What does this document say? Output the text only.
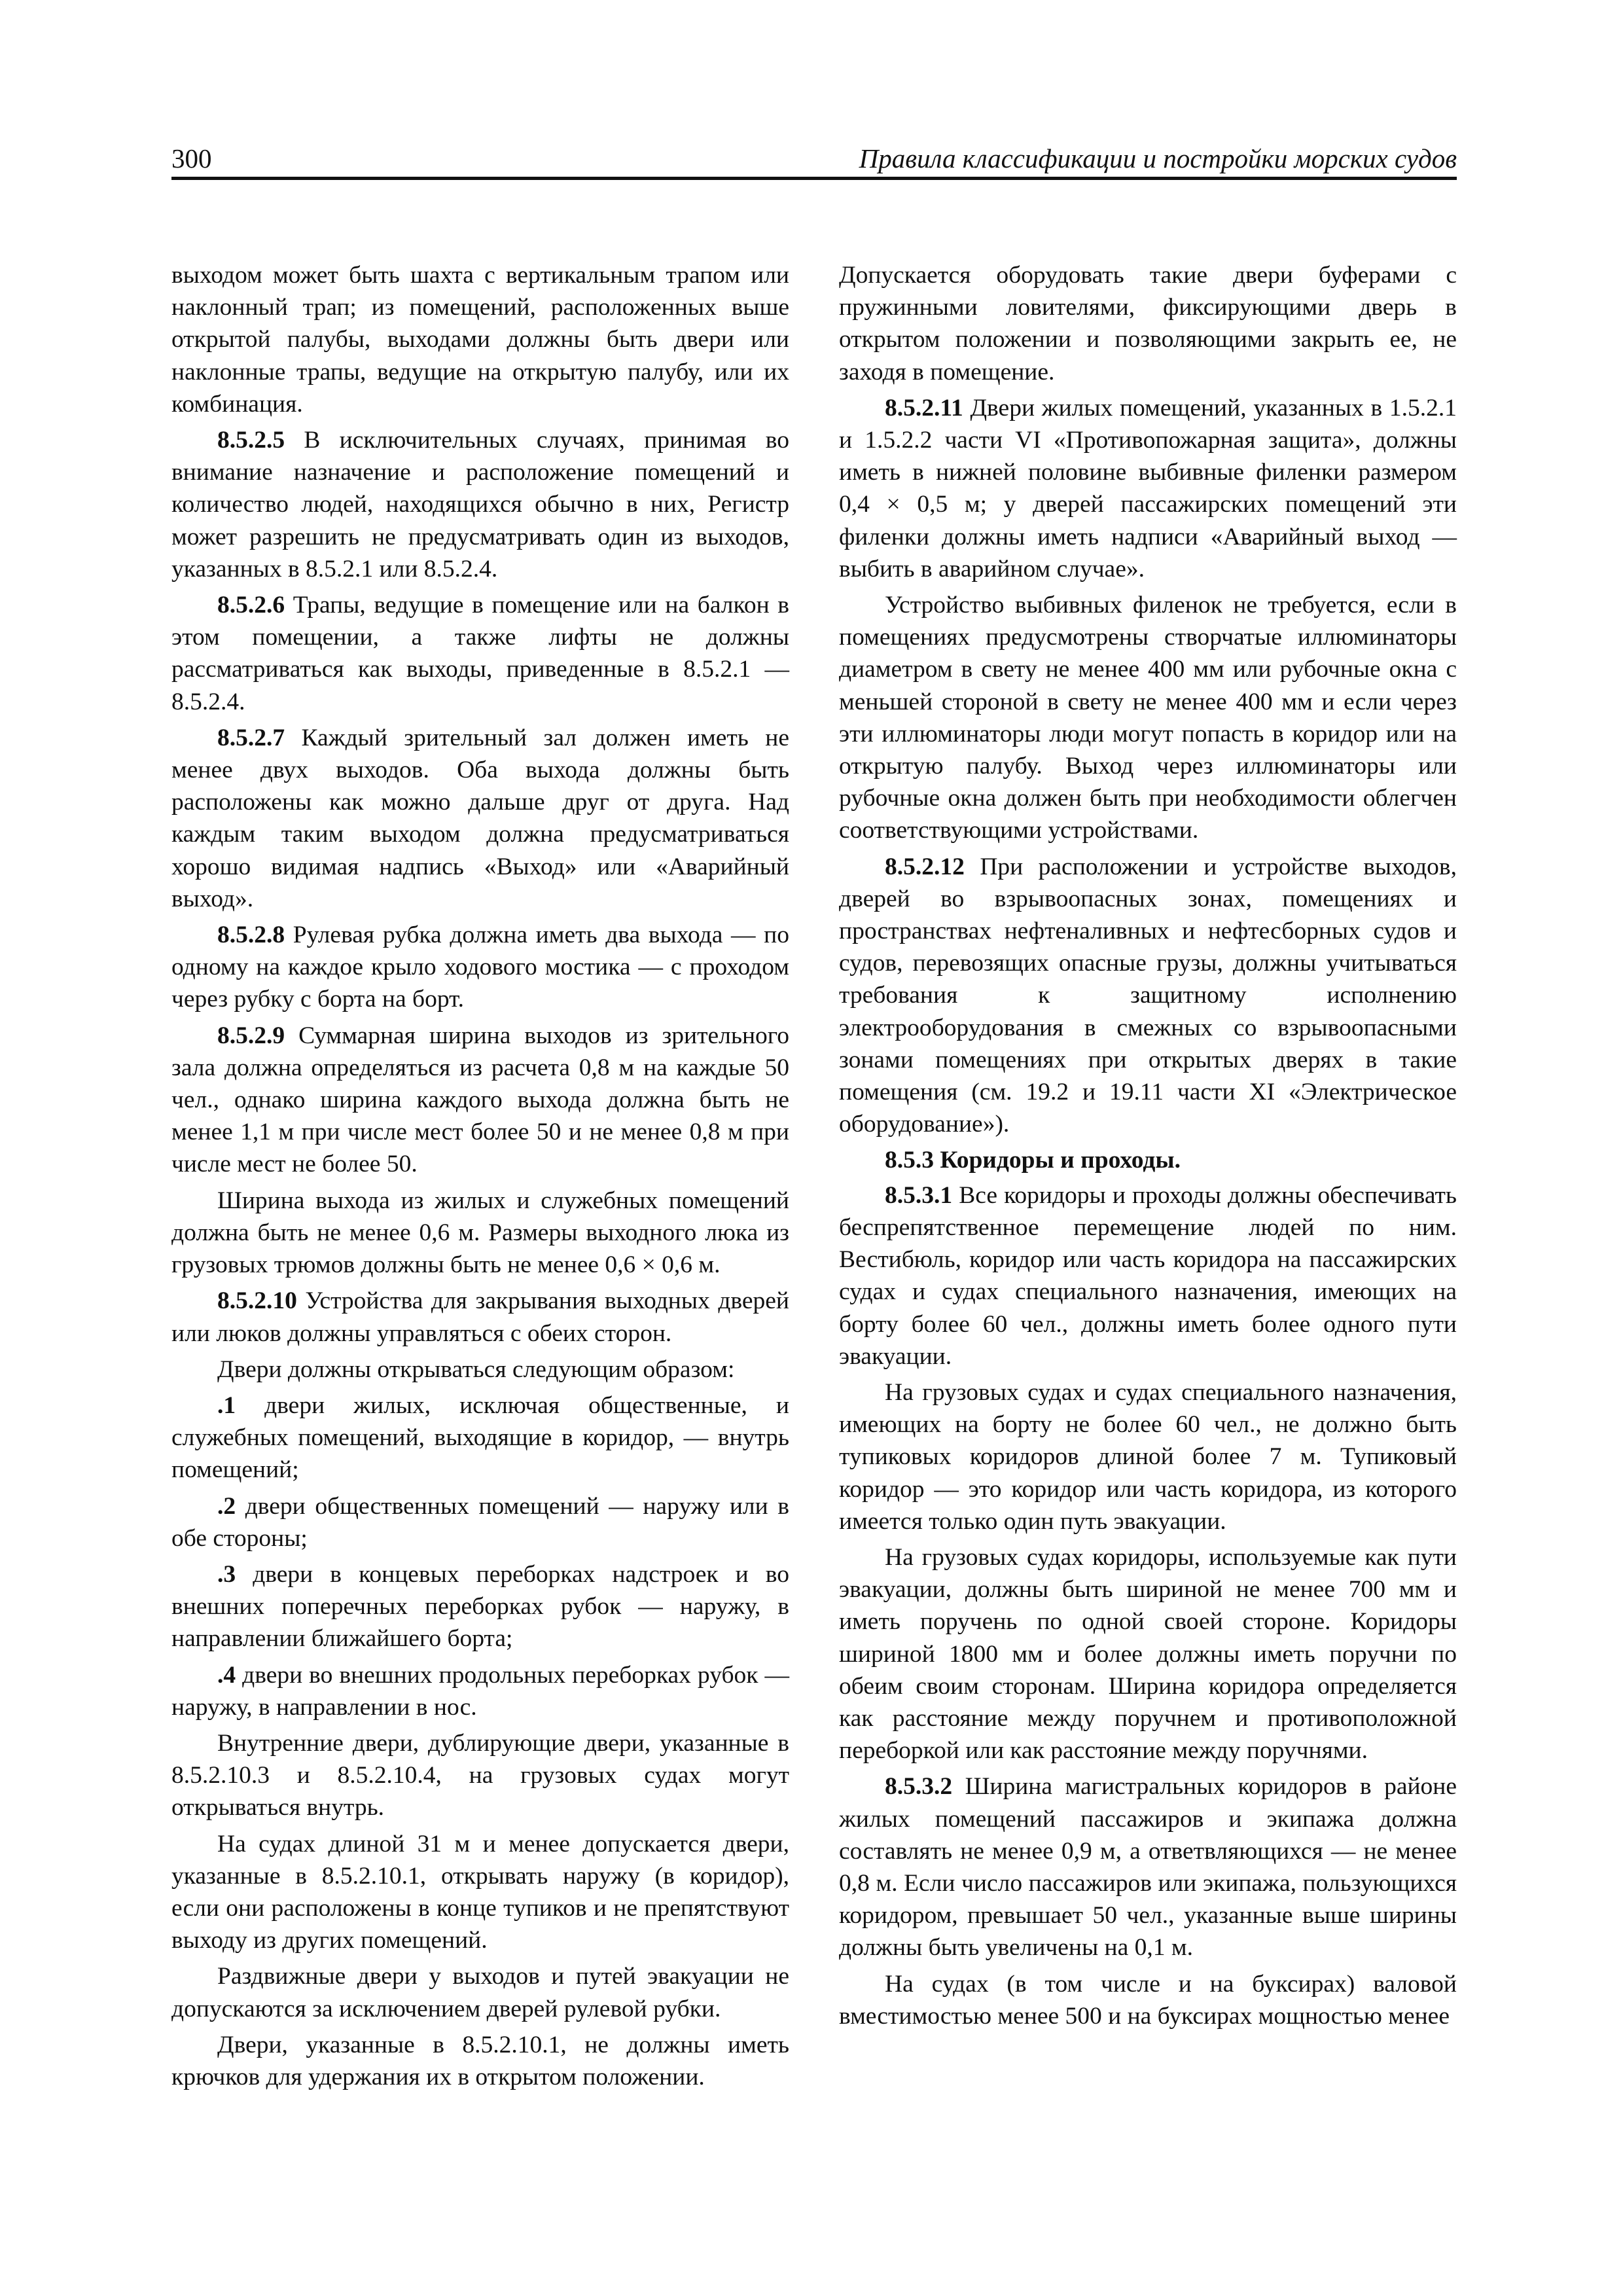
300	Правила классификации и постройки морских судов

выходом может быть шахта с вертикальным трапом или наклонный трап; из помещений, расположенных выше открытой палубы, выходами должны быть двери или наклонные трапы, ведущие на открытую палубу, или их комбинация.

8.5.2.5 В исключительных случаях, принимая во внимание назначение и расположение помещений и количество людей, находящихся обычно в них, Регистр может разрешить не предусматривать один из выходов, указанных в 8.5.2.1 или 8.5.2.4.

8.5.2.6 Трапы, ведущие в помещение или на балкон в этом помещении, а также лифты не должны рассматриваться как выходы, приведенные в 8.5.2.1 — 8.5.2.4.

8.5.2.7 Каждый зрительный зал должен иметь не менее двух выходов. Оба выхода должны быть расположены как можно дальше друг от друга. Над каждым таким выходом должна предусматриваться хорошо видимая надпись «Выход» или «Аварийный выход».

8.5.2.8 Рулевая рубка должна иметь два выхода — по одному на каждое крыло ходового мостика — с проходом через рубку с борта на борт.

8.5.2.9 Суммарная ширина выходов из зрительного зала должна определяться из расчета 0,8 м на каждые 50 чел., однако ширина каждого выхода должна быть не менее 1,1 м при числе мест более 50 и не менее 0,8 м при числе мест не более 50.

Ширина выхода из жилых и служебных помещений должна быть не менее 0,6 м. Размеры выходного люка из грузовых трюмов должны быть не менее 0,6 × 0,6 м.

8.5.2.10 Устройства для закрывания выходных дверей или люков должны управляться с обеих сторон.

Двери должны открываться следующим образом:

.1 двери жилых, исключая общественные, и служебных помещений, выходящие в коридор, — внутрь помещений;

.2 двери общественных помещений — наружу или в обе стороны;

.3 двери в концевых переборках надстроек и во внешних поперечных переборках рубок — наружу, в направлении ближайшего борта;

.4 двери во внешних продольных переборках рубок — наружу, в направлении в нос.

Внутренние двери, дублирующие двери, указанные в 8.5.2.10.3 и 8.5.2.10.4, на грузовых судах могут открываться внутрь.

На судах длиной 31 м и менее допускается двери, указанные в 8.5.2.10.1, открывать наружу (в коридор), если они расположены в конце тупиков и не препятствуют выходу из других помещений.

Раздвижные двери у выходов и путей эвакуации не допускаются за исключением дверей рулевой рубки.

Двери, указанные в 8.5.2.10.1, не должны иметь крючков для удержания их в открытом положении.

Допускается оборудовать такие двери буферами с пружинными ловителями, фиксирующими дверь в открытом положении и позволяющими закрыть ее, не заходя в помещение.

8.5.2.11 Двери жилых помещений, указанных в 1.5.2.1 и 1.5.2.2 части VI «Противопожарная защита», должны иметь в нижней половине выбивные филенки размером 0,4 × 0,5 м; у дверей пассажирских помещений эти филенки должны иметь надписи «Аварийный выход — выбить в аварийном случае».

Устройство выбивных филенок не требуется, если в помещениях предусмотрены створчатые иллюминаторы диаметром в свету не менее 400 мм или рубочные окна с меньшей стороной в свету не менее 400 мм и если через эти иллюминаторы люди могут попасть в коридор или на открытую палубу. Выход через иллюминаторы или рубочные окна должен быть при необходимости облегчен соответствующими устройствами.

8.5.2.12 При расположении и устройстве выходов, дверей во взрывоопасных зонах, помещениях и пространствах нефтеналивных и нефтесборных судов и судов, перевозящих опасные грузы, должны учитываться требования к защитному исполнению электрооборудования в смежных со взрывоопасными зонами помещениях при открытых дверях в такие помещения (см. 19.2 и 19.11 части XI «Электрическое оборудование»).

8.5.3 Коридоры и проходы.

8.5.3.1 Все коридоры и проходы должны обеспечивать беспрепятственное перемещение людей по ним. Вестибюль, коридор или часть коридора на пассажирских судах и судах специального назначения, имеющих на борту более 60 чел., должны иметь более одного пути эвакуации.

На грузовых судах и судах специального назначения, имеющих на борту не более 60 чел., не должно быть тупиковых коридоров длиной более 7 м. Тупиковый коридор — это коридор или часть коридора, из которого имеется только один путь эвакуации.

На грузовых судах коридоры, используемые как пути эвакуации, должны быть шириной не менее 700 мм и иметь поручень по одной своей стороне. Коридоры шириной 1800 мм и более должны иметь поручни по обеим своим сторонам. Ширина коридора определяется как расстояние между поручнем и противоположной переборкой или как расстояние между поручнями.

8.5.3.2 Ширина магистральных коридоров в районе жилых помещений пассажиров и экипажа должна составлять не менее 0,9 м, а ответвляющихся — не менее 0,8 м. Если число пассажиров или экипажа, пользующихся коридором, превышает 50 чел., указанные выше ширины должны быть увеличены на 0,1 м.

На судах (в том числе и на буксирах) валовой вместимостью менее 500 и на буксирах мощностью менее
